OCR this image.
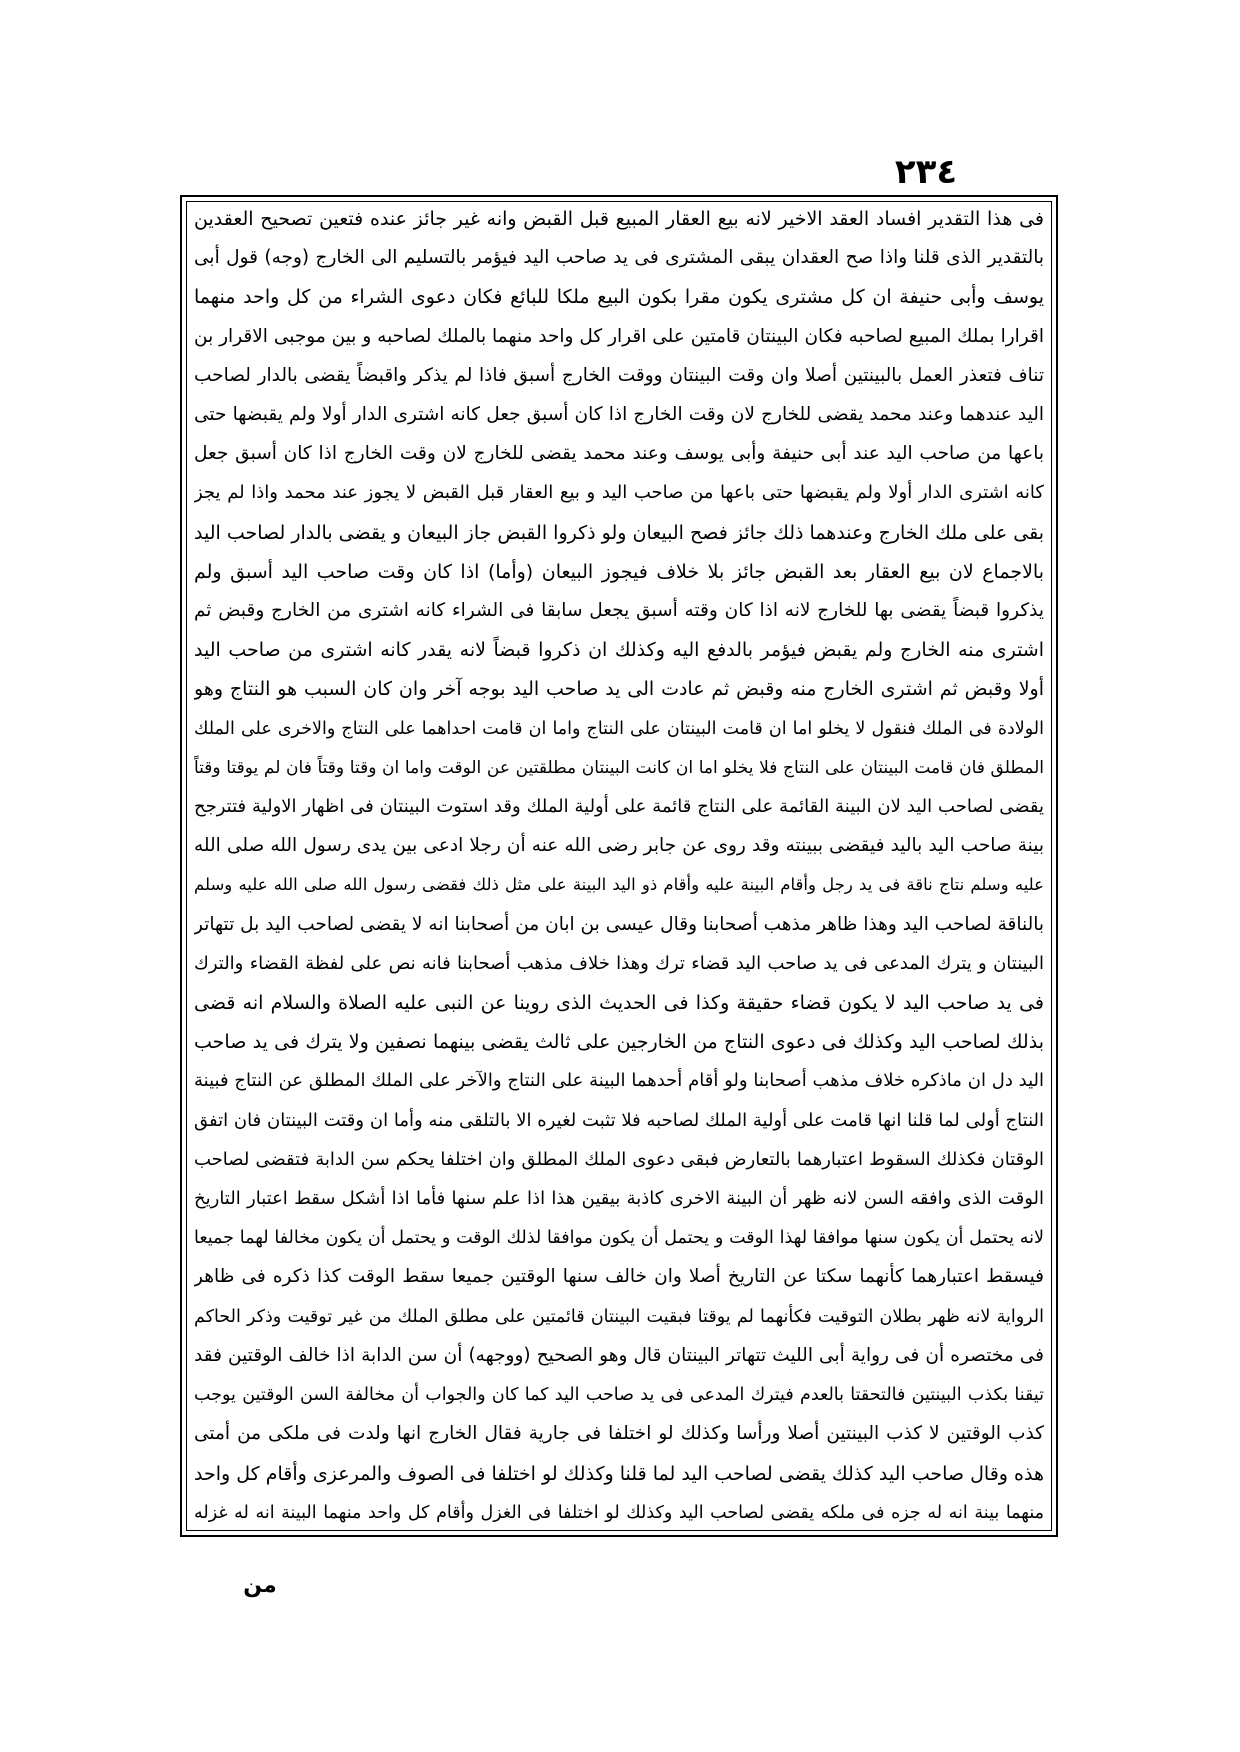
٢٣٤
فى هذا التقدير افساد العقد الاخير لانه بيع العقار المبيع قبل القبض وانه غير جائز عنده فتعين تصحيح العقدين
بالتقدير الذى قلنا واذا صح العقدان يبقى المشترى فى يد صاحب اليد فيؤمر بالتسليم الى الخارج (وجه) قول أبى
يوسف وأبى حنيفة ان كل مشترى يكون مقرا بكون البيع ملكا للبائع فكان دعوى الشراء من كل واحد منهما
اقرارا بملك المبيع لصاحبه فكان البينتان قامتين على اقرار كل واحد منهما بالملك لصاحبه و بين موجبى الاقرار بن
تناف فتعذر العمل بالبينتين أصلا وان وقت البينتان ووقت الخارج أسبق فاذا لم يذكر واقبضاً يقضى بالدار لصاحب
اليد عندهما وعند محمد يقضى للخارج لان وقت الخارج اذا كان أسبق جعل كانه اشترى الدار أولا ولم يقبضها حتى
باعها من صاحب اليد عند أبى حنيفة وأبى يوسف وعند محمد يقضى للخارج لان وقت الخارج اذا كان أسبق جعل
كانه اشترى الدار أولا ولم يقبضها حتى باعها من صاحب اليد و بيع العقار قبل القبض لا يجوز عند محمد واذا لم يجز
بقى على ملك الخارج وعندهما ذلك جائز فصح البيعان ولو ذكروا القبض جاز البيعان و يقضى بالدار لصاحب اليد
بالاجماع لان بيع العقار بعد القبض جائز بلا خلاف فيجوز البيعان (وأما) اذا كان وقت صاحب اليد أسبق ولم
يذكروا قبضاً يقضى بها للخارج لانه اذا كان وقته أسبق يجعل سابقا فى الشراء كانه اشترى من الخارج وقبض ثم
اشترى منه الخارج ولم يقبض فيؤمر بالدفع اليه وكذلك ان ذكروا قبضاً لانه يقدر كانه اشترى من صاحب اليد
أولا وقبض ثم اشترى الخارج منه وقبض ثم عادت الى يد صاحب اليد بوجه آخر وان كان السبب هو النتاج وهو
الولادة فى الملك فنقول لا يخلو اما ان قامت البينتان على النتاج واما ان قامت احداهما على النتاج والاخرى على الملك
المطلق فان قامت البينتان على النتاج فلا يخلو اما ان كانت البينتان مطلقتين عن الوقت واما ان وقتا وقتاً فان لم يوقتا وقتاً
يقضى لصاحب اليد لان البينة القائمة على النتاج قائمة على أولية الملك وقد استوت البينتان فى اظهار الاولية فتترجح
بينة صاحب اليد باليد فيقضى ببينته وقد روى عن جابر رضى الله عنه أن رجلا ادعى بين يدى رسول الله صلى الله
عليه وسلم نتاج ناقة فى يد رجل وأقام البينة عليه وأقام ذو اليد البينة على مثل ذلك فقضى رسول الله صلى الله عليه وسلم
بالناقة لصاحب اليد وهذا ظاهر مذهب أصحابنا وقال عيسى بن ابان من أصحابنا انه لا يقضى لصاحب اليد بل تتهاتر
البينتان و يترك المدعى فى يد صاحب اليد قضاء ترك وهذا خلاف مذهب أصحابنا فانه نص على لفظة القضاء والترك
فى يد صاحب اليد لا يكون قضاء حقيقة وكذا فى الحديث الذى روينا عن النبى عليه الصلاة والسلام انه قضى
بذلك لصاحب اليد وكذلك فى دعوى النتاج من الخارجين على ثالث يقضى بينهما نصفين ولا يترك فى يد صاحب
اليد دل ان ماذكره خلاف مذهب أصحابنا ولو أقام أحدهما البينة على النتاج والآخر على الملك المطلق عن النتاج فبينة
النتاج أولى لما قلنا انها قامت على أولية الملك لصاحبه فلا تثبت لغيره الا بالتلقى منه وأما ان وقتت البينتان فان اتفق
الوقتان فكذلك السقوط اعتبارهما بالتعارض فبقى دعوى الملك المطلق وان اختلفا يحكم سن الدابة فتقضى لصاحب
الوقت الذى وافقه السن لانه ظهر أن البينة الاخرى كاذبة بيقين هذا اذا علم سنها فأما اذا أشكل سقط اعتبار التاريخ
لانه يحتمل أن يكون سنها موافقا لهذا الوقت و يحتمل أن يكون موافقا لذلك الوقت و يحتمل أن يكون مخالفا لهما جميعا
فيسقط اعتبارهما كأنهما سكتا عن التاريخ أصلا وان خالف سنها الوقتين جميعا سقط الوقت كذا ذكره فى ظاهر
الرواية لانه ظهر بطلان التوقيت فكأنهما لم يوقتا فبقيت البينتان قائمتين على مطلق الملك من غير توقيت وذكر الحاكم
فى مختصره أن فى رواية أبى الليث تتهاتر البينتان قال وهو الصحيح (ووجهه) أن سن الدابة اذا خالف الوقتين فقد
تيقنا بكذب البينتين فالتحقتا بالعدم فيترك المدعى فى يد صاحب اليد كما كان والجواب أن مخالفة السن الوقتين يوجب
كذب الوقتين لا كذب البينتين أصلا ورأسا وكذلك لو اختلفا فى جارية فقال الخارج انها ولدت فى ملكى من أمتى
هذه وقال صاحب اليد كذلك يقضى لصاحب اليد لما قلنا وكذلك لو اختلفا فى الصوف والمرعزى وأقام كل واحد
منهما بينة انه له جزه فى ملكه يقضى لصاحب اليد وكذلك لو اختلفا فى الغزل وأقام كل واحد منهما البينة انه له غزله
من
